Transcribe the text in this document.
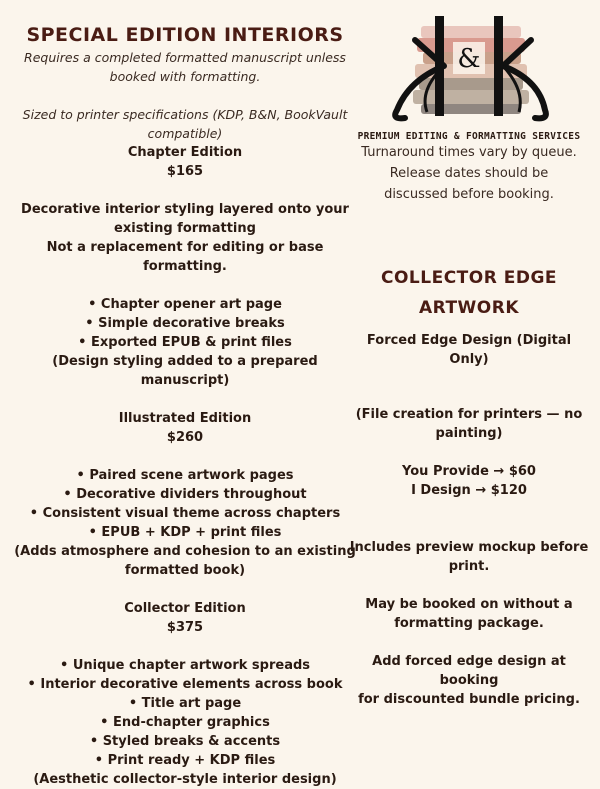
SPECIAL EDITION INTERIORS
Requires a completed formatted manuscript unless
booked with formatting.
Sized to printer specifications (KDP, B&N, BookVault
compatible)
Chapter Edition
$165
Decorative interior styling layered onto your
existing formatting
Not a replacement for editing or base formatting.
• Chapter opener art page
• Simple decorative breaks
• Exported EPUB & print files
(Design styling added to a prepared manuscript)
Illustrated Edition
$260
• Paired scene artwork pages
• Decorative dividers throughout
• Consistent visual theme across chapters
• EPUB + KDP + print files
(Adds atmosphere and cohesion to an existing
formatted book)
Collector Edition
$375
• Unique chapter artwork spreads
• Interior decorative elements across book
• Title art page
• End-chapter graphics
• Styled breaks & accents
• Print ready + KDP files
(Aesthetic collector-style interior design)
&
PREMIUM EDITING & FORMATTING SERVICES
Turnaround times vary by queue.
Release dates should be
discussed before booking.
COLLECTOR EDGE
ARTWORK
Forced Edge Design (Digital Only)
(File creation for printers — no
painting)
You Provide → $60
I Design → $120
Includes preview mockup before
print.
May be booked on without a
formatting package.
Add forced edge design at booking
for discounted bundle pricing.
